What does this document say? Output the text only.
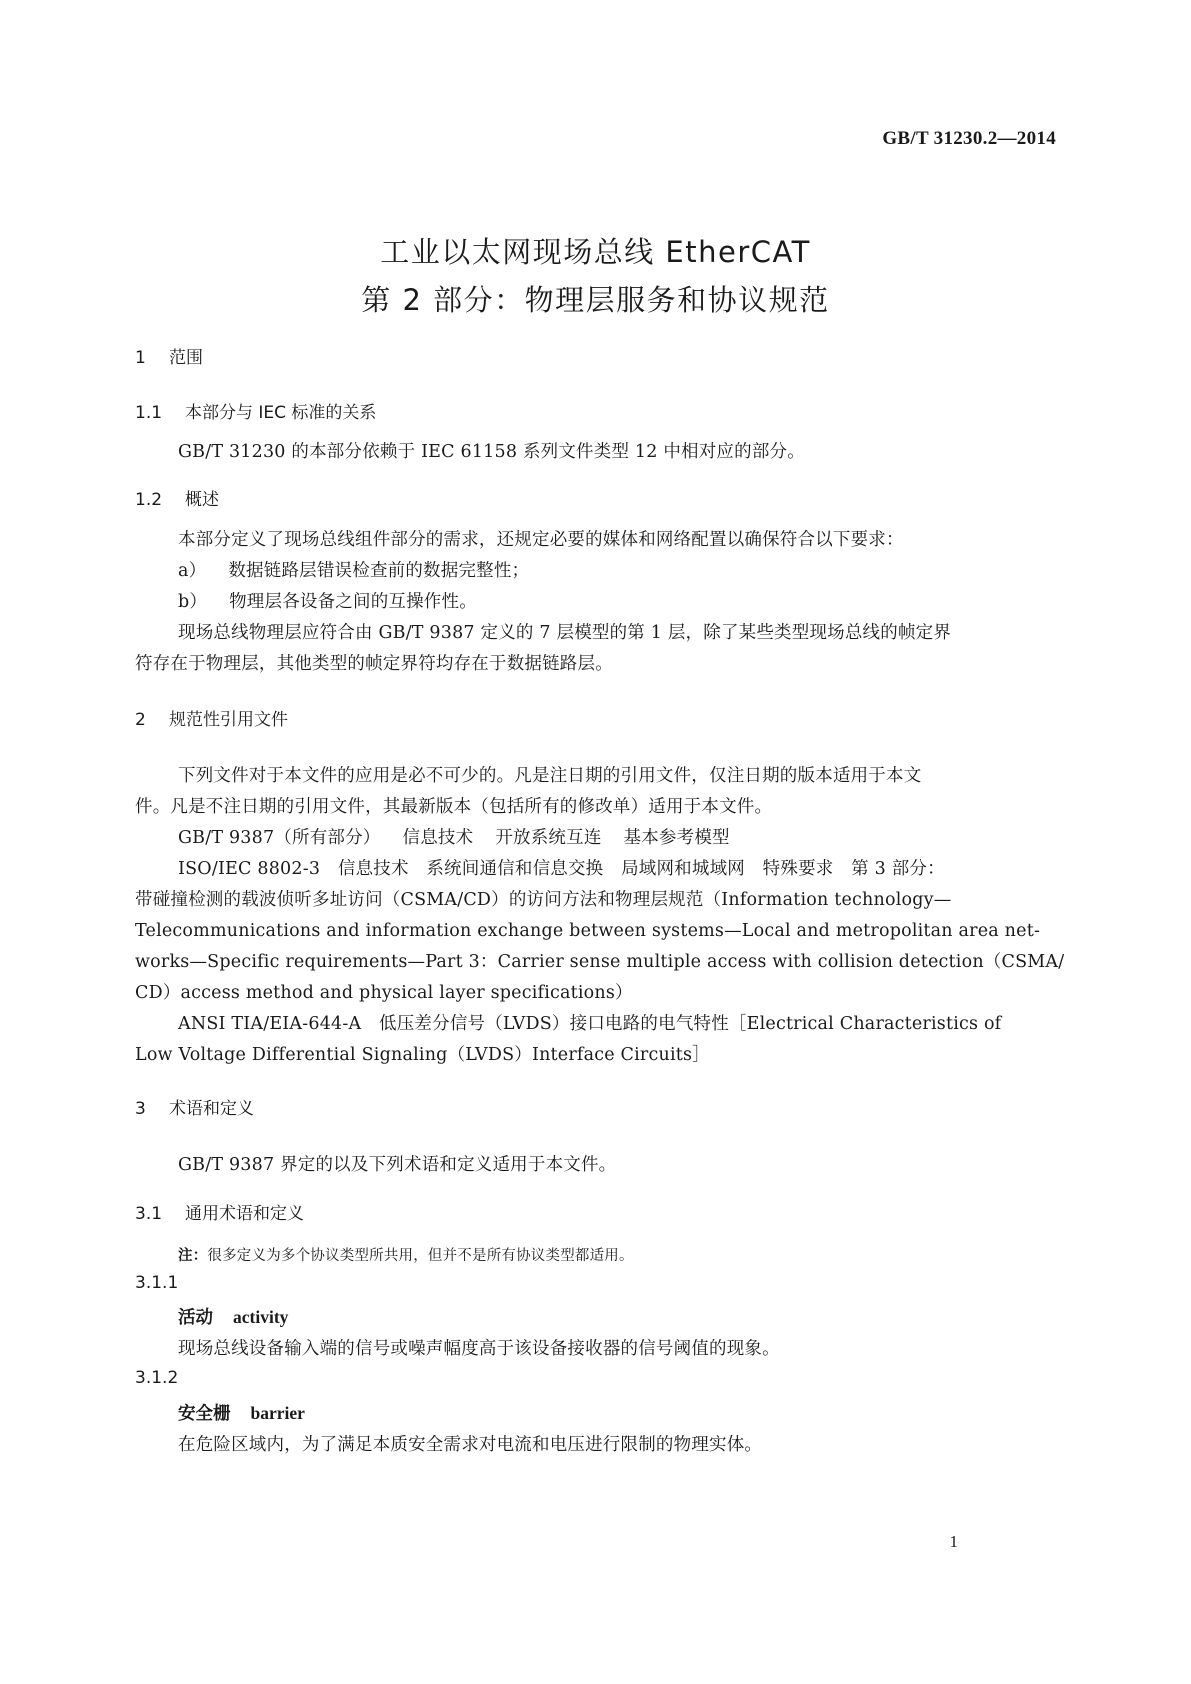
GB/T 31230.2—2014
工业以太网现场总线 EtherCAT
第 2 部分：物理层服务和协议规范
1 范围
1.1 本部分与 IEC 标准的关系
GB/T 31230 的本部分依赖于 IEC 61158 系列文件类型 12 中相对应的部分。
1.2 概述
本部分定义了现场总线组件部分的需求，还规定必要的媒体和网络配置以确保符合以下要求：
a） 数据链路层错误检查前的数据完整性；
b） 物理层各设备之间的互操作性。
现场总线物理层应符合由 GB/T 9387 定义的 7 层模型的第 1 层，除了某些类型现场总线的帧定界
符存在于物理层，其他类型的帧定界符均存在于数据链路层。
2 规范性引用文件
下列文件对于本文件的应用是必不可少的。凡是注日期的引用文件，仅注日期的版本适用于本文
件。凡是不注日期的引用文件，其最新版本（包括所有的修改单）适用于本文件。
GB/T 9387（所有部分） 信息技术 开放系统互连 基本参考模型
ISO/IEC 8802-3　信息技术　系统间通信和信息交换　局域网和城域网　特殊要求　第 3 部分：
带碰撞检测的载波侦听多址访问（CSMA/CD）的访问方法和物理层规范（Information technology—
Telecommunications and information exchange between systems—Local and metropolitan area net-
works—Specific requirements—Part 3：Carrier sense multiple access with collision detection（CSMA/
CD）access method and physical layer specifications）
ANSI TIA/EIA-644-A　低压差分信号（LVDS）接口电路的电气特性［Electrical Characteristics of
Low Voltage Differential Signaling（LVDS）Interface Circuits］
3 术语和定义
GB/T 9387 界定的以及下列术语和定义适用于本文件。
3.1 通用术语和定义
注：很多定义为多个协议类型所共用，但并不是所有协议类型都适用。
3.1.1
活动 activity
现场总线设备输入端的信号或噪声幅度高于该设备接收器的信号阈值的现象。
3.1.2
安全栅 barrier
在危险区域内，为了满足本质安全需求对电流和电压进行限制的物理实体。
1
